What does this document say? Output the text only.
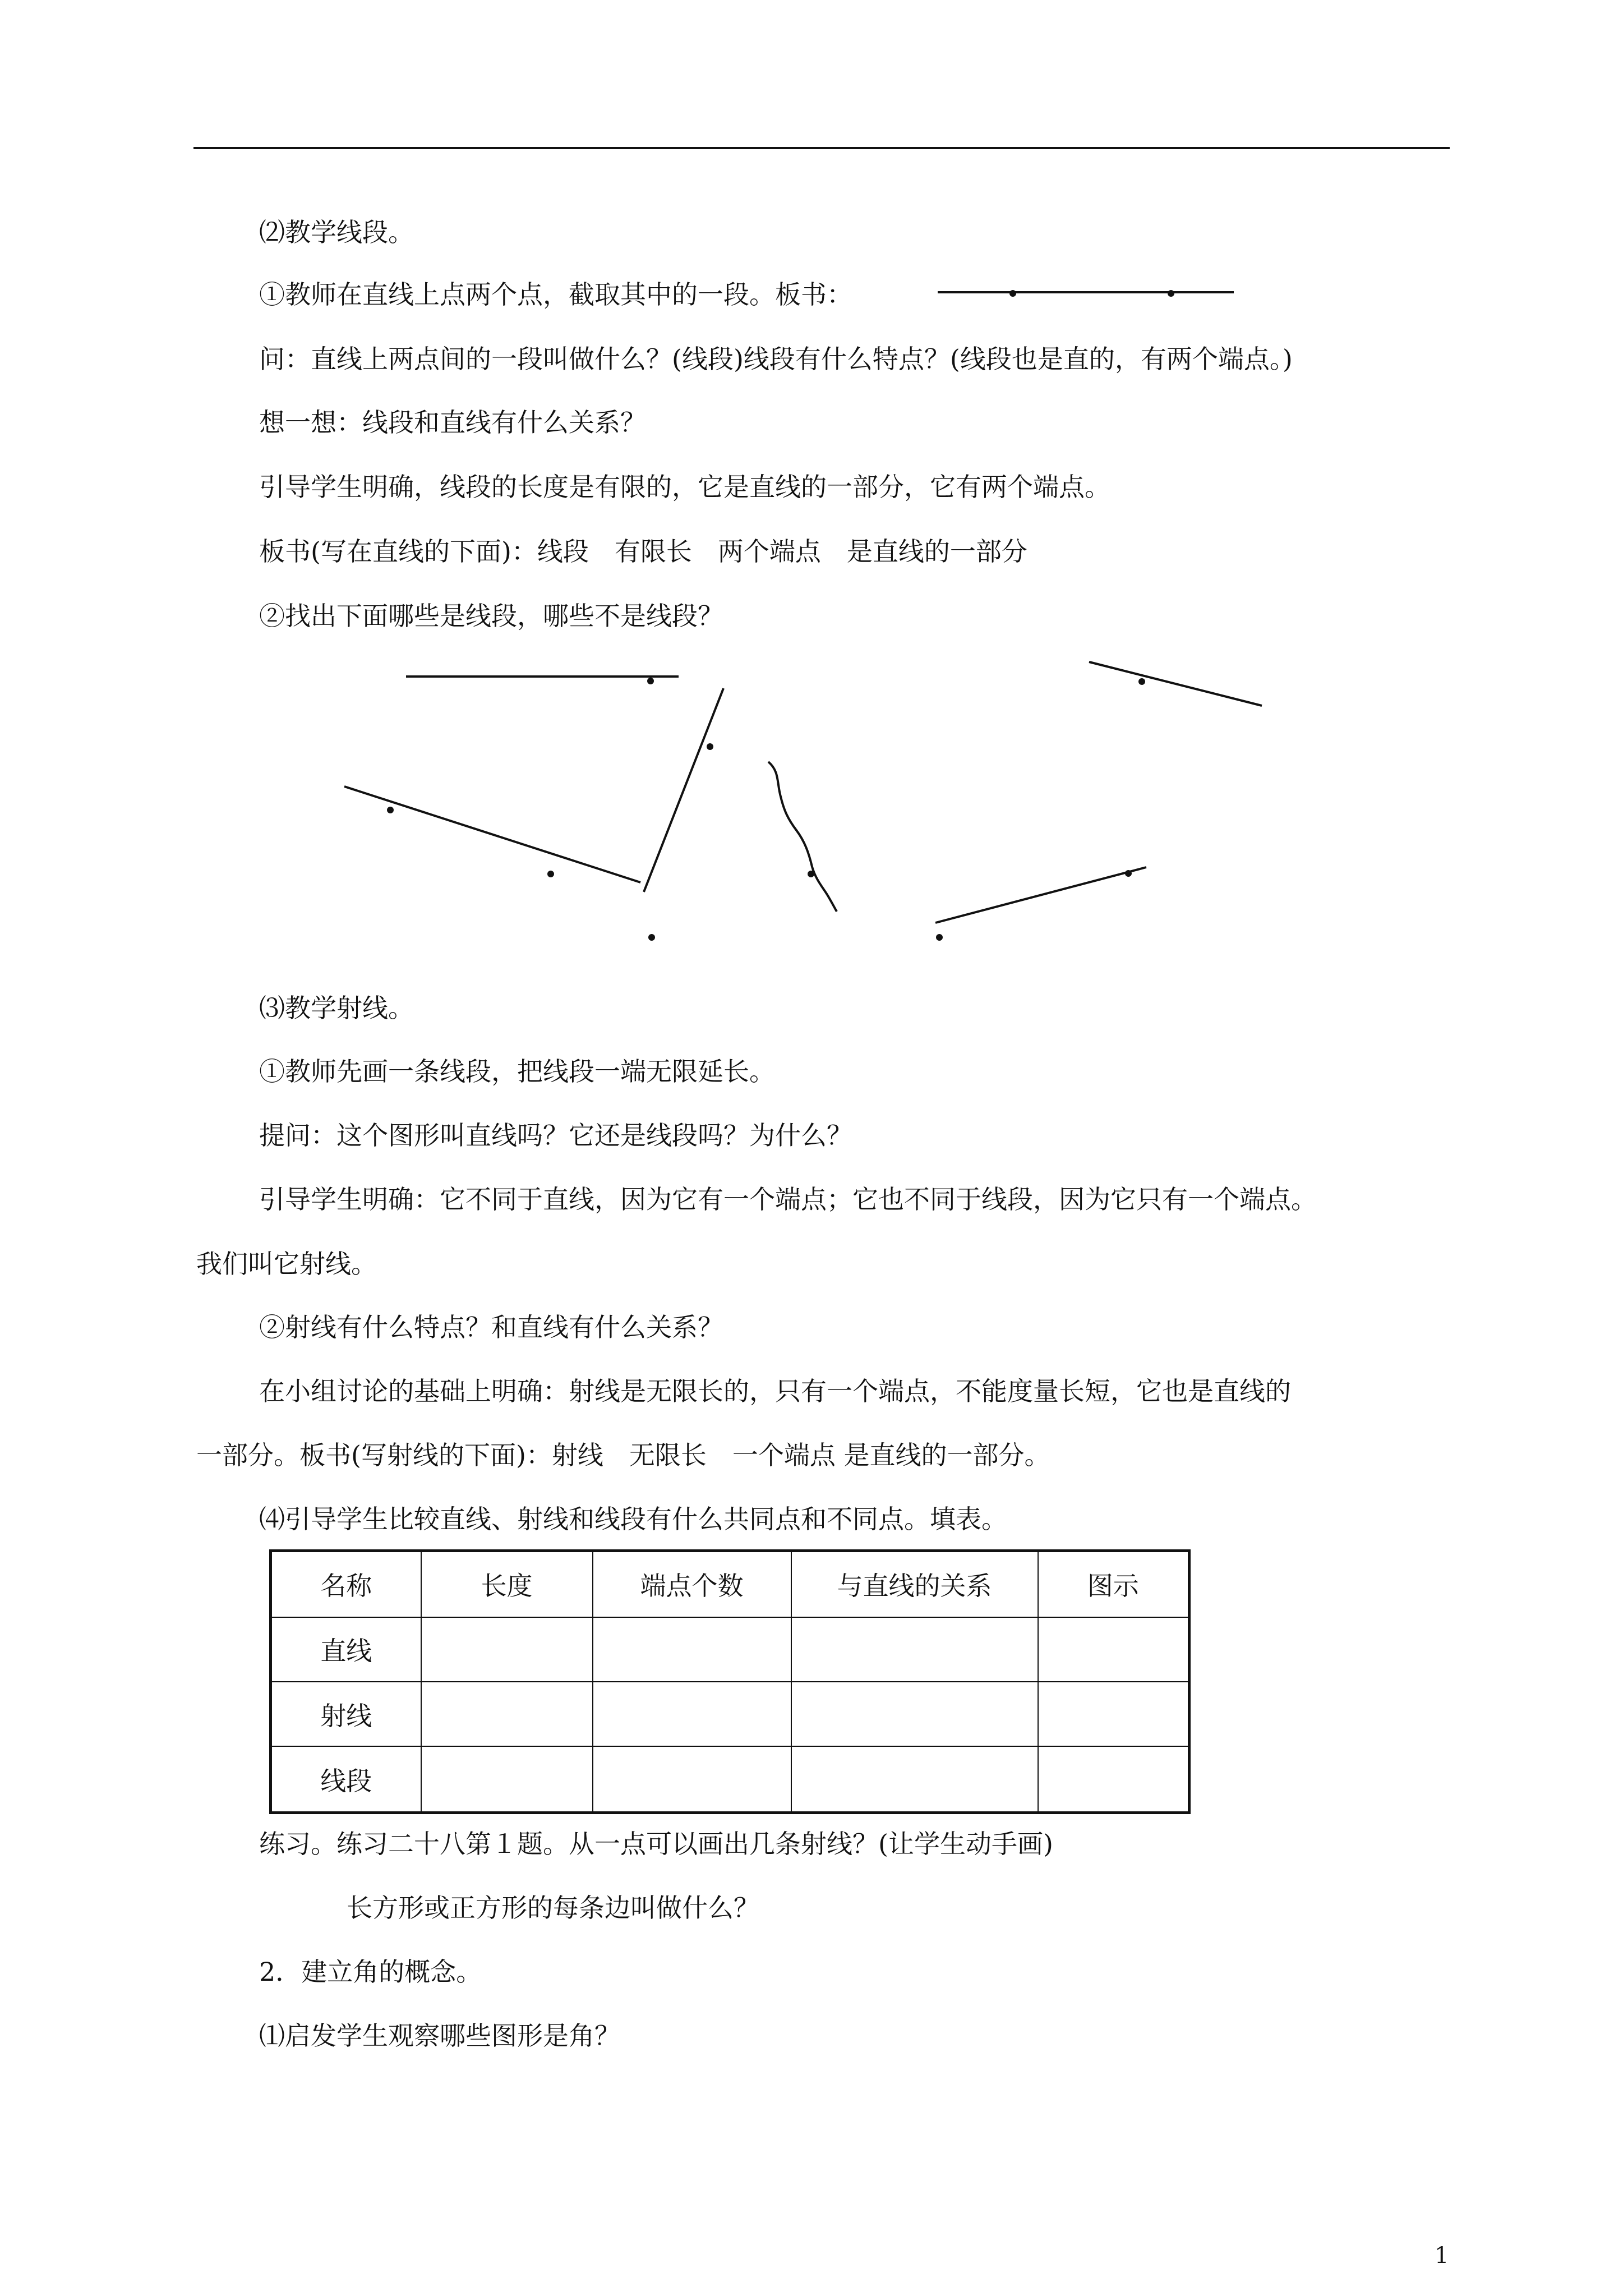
⑵教学线段。
①教师在直线上点两个点，截取其中的一段。板书：
问：直线上两点间的一段叫做什么？(线段)线段有什么特点？(线段也是直的，有两个端点。)
想一想：线段和直线有什么关系？
引导学生明确，线段的长度是有限的，它是直线的一部分，它有两个端点。
板书(写在直线的下面)：线段　有限长　两个端点　是直线的一部分
②找出下面哪些是线段，哪些不是线段？
⑶教学射线。
①教师先画一条线段，把线段一端无限延长。
提问：这个图形叫直线吗？它还是线段吗？为什么？
引导学生明确：它不同于直线，因为它有一个端点；它也不同于线段，因为它只有一个端点。
我们叫它射线。
②射线有什么特点？和直线有什么关系？
在小组讨论的基础上明确：射线是无限长的，只有一个端点，不能度量长短，它也是直线的
一部分。板书(写射线的下面)：射线　无限长　一个端点 是直线的一部分。
⑷引导学生比较直线、射线和线段有什么共同点和不同点。填表。
名称	长度	端点个数	与直线的关系	图示
直线				
射线				
线段				
练习。练习二十八第１题。从一点可以画出几条射线？(让学生动手画)
长方形或正方形的每条边叫做什么？
2．建立角的概念。
⑴启发学生观察哪些图形是角？
1
